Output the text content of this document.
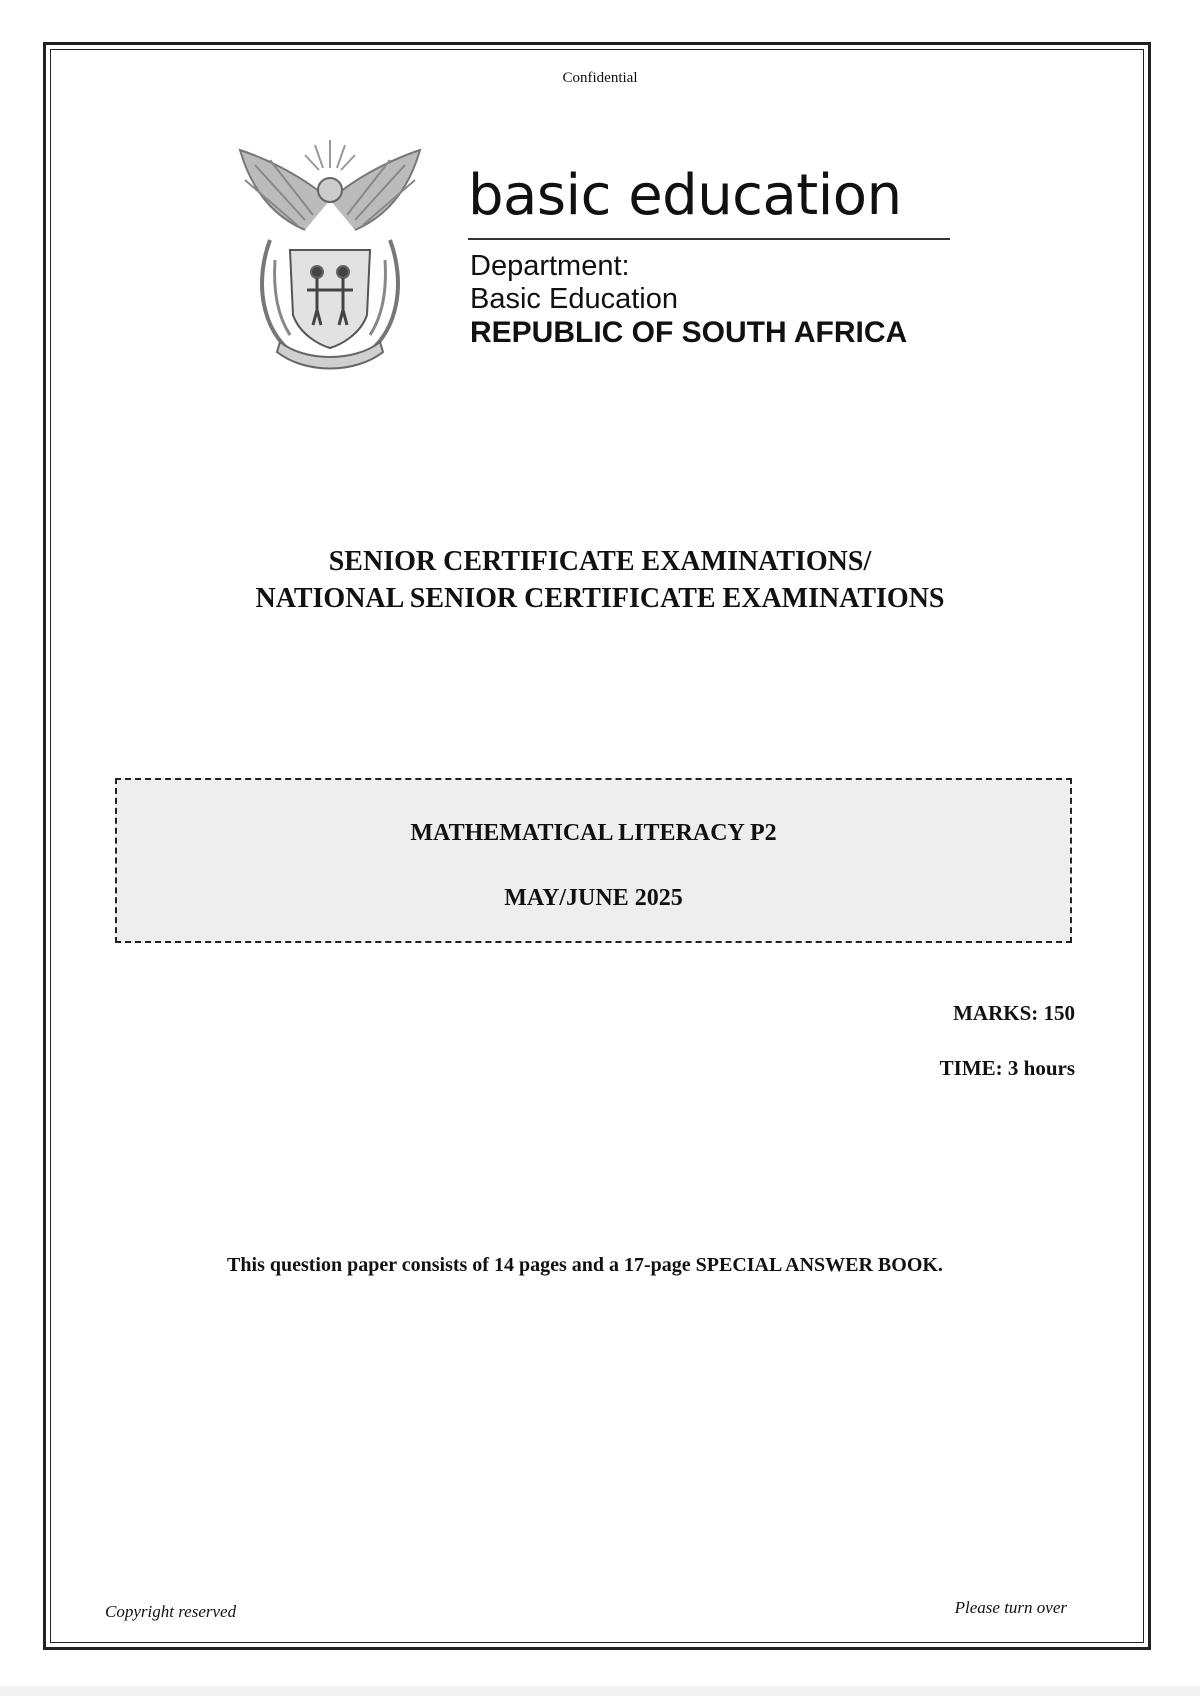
Confidential
basic education
Department:
Basic Education
REPUBLIC OF SOUTH AFRICA
SENIOR CERTIFICATE EXAMINATIONS/
NATIONAL SENIOR CERTIFICATE EXAMINATIONS
MATHEMATICAL LITERACY P2
MAY/JUNE 2025
MARKS: 150
TIME: 3 hours
This question paper consists of 14 pages and a 17-page SPECIAL ANSWER BOOK.
Copyright reserved	Please turn over
